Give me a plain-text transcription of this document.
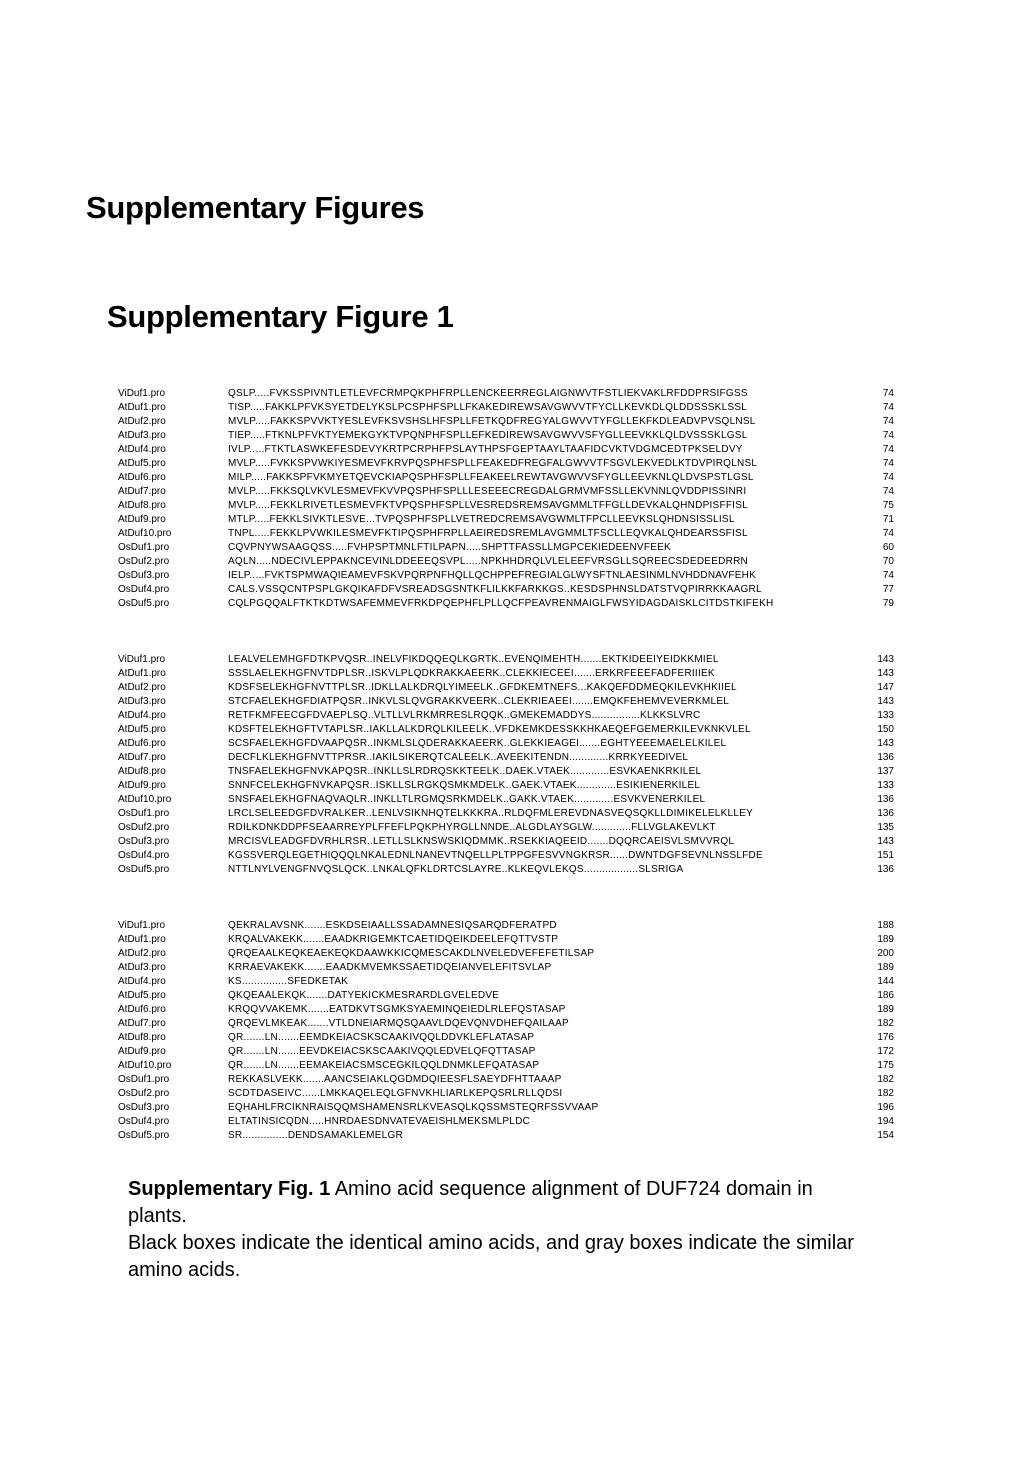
Supplementary Figures
Supplementary Figure 1
ViDuf1.pro	QSLP.....FVKSSPIVNTLETLEVFCRMPQKPHFRPLLENCKEERREGLAIGNWVTFSTLIEKVAKLRFDDPRSIFGSS	74
AtDuf1.pro	TISP.....FAKKLPFVKSYETDELYKSLPCSPHFSPLLFKAKEDIREWSAVGWVVTFYCLLKEVKDLQLDDSSSKLSSL	74
AtDuf2.pro	MVLP.....FAKKSPVVKTYESLEVFKSVSHSLHFSPLLFETKQDFREGYALGWVVTYFGLLEKFKDLEADVPVSQLNSL	74
AtDuf3.pro	TIEP.....FTKNLPFVKTYEMEKGYKTVPQNPHFSPLLEFKEDIREWSAVGWVVSFYGLLEEVKKLQLDVSSSKLGSL	74
AtDuf4.pro	IVLP.....FTKTLASWKEFESDEVYKRTPCRPHFPSLAYTHPSFGEPTAAYLTAAFIDCVKTVDGMCEDTPKSELDVY	74
AtDuf5.pro	MVLP.....FVKKSPVWKIYESMEVFKRVPQSPHFSPLLFEAKEDFREGFALGWVVTFSGVLEKVEDLKTDVPIRQLNSL	74
AtDuf6.pro	MILP.....FAKKSPFVKMYETQEVCKIAPQSPHFSPLLFEAKEELREWTAVGWVVSFYGLLEEVKNLQLDVSPSTLGSL	74
AtDuf7.pro	MVLP.....FKKSQLVKVLESMEVFKVVPQSPHFSPLLLESEEECREGDALGRMVMFSSLLEKVNNLQVDDPISSINRI	74
AtDuf8.pro	MVLP.....FEKKLRIVETLESMEVFKTVPQSPHFSPLLVESREDSREMSAVGMMLTFFGLLDEVKALQHNDPISFFISL	75
AtDuf9.pro	MTLP.....FEKKLSIVKTLESVE...TVPQSPHFSPLLVETREDCREMSAVGWMLTFPCLLEEVKSLQHDNSISSLISL	71
AtDuf10.pro	TNPL.....FEKKLPVWKILESMEVFKTIPQSPHFRPLLAEIREDSREMLAVGMMLTFSCLLEQVKALQHDEARSSFISL	74
OsDuf1.pro	CQVPNYWSAAGQSS.....FVHPSPTMNLFTILPAPN.....SHPTTFASSLLMGPCEKIEDEENVFEEK	60
OsDuf2.pro	AQLN.....NDECIVLEPPAKNCEVINLDDEEEQSVPL.....NPKHHDRQLVLELEEFVRSGLLSQREECSDEDEEDRRN	70
OsDuf3.pro	IELP.....FVKTSPMWAQIEAMEVFSKVPQRPNFHQLLQCHPPEFREGIALGLWYSFTNLAESINMLNVHDDNAVFEHK	74
OsDuf4.pro	CALS.VSSQCNTPSPLGKQIKAFDFVSREADSGSNTKFLILKKFARKKGS..KESDSPHNSLDATSTVQPIRRKKAAGRL	77
OsDuf5.pro	CQLPGQQALFTKTKDTWSAFEMMEVFRKDPQEPHFLPLLQCFPEAVRENMAIGLFWSYIDAGDAISKLCITDSTKIFEKH	79
ViDuf1.pro	LEALVELEMHGFDTKPVQSR..INELVFIKDQQEQLKGRTK..EVENQIMEHTH.......EKTKIDEEIYEIDKKMIEL	143
AtDuf1.pro	SSSLAELEKHGFNVTDPLSR..ISKVLPLQDKRAKKAEERK..CLEKKIECEEI.......ERKRFEEEFADFERIIIEK	143
AtDuf2.pro	KDSFSELEKHGFNVTTPLSR..IDKLLALKDRQLYIMEELK..GFDKEMTNEFS...KAKQEFDDMEQKILEVKHKIIEL	147
AtDuf3.pro	STCFAELEKHGFDIATPQSR..INKVLSLQVGRAKKVEERK..CLEKRIEAEEI.......EMQKFEHEMVEVERKMLEL	143
AtDuf4.pro	RETFKMFEECGFDVAEPLSQ..VLTLLVLRKMRRESLRQQK..GMEKEMADDYS................KLKKSLVRC	133
AtDuf5.pro	KDSFTELEKHGFTVTAPLSR..IAKLLALKDRQLKILEELK..VFDKEMKDESSKKHKAEQEFGEMERKILEVKNKVLEL	150
AtDuf6.pro	SCSFAELEKHGFDVAAPQSR..INKMLSLQDERAKKAEERK..GLEKKIEAGEI.......EGHTYEEEMAELELKILEL	143
AtDuf7.pro	DECFLKLEKHGFNVTTPRSR..IAKILSIKERQTCALEELK..AVEEKITENDN.............KRRKYEEDIVEL	136
AtDuf8.pro	TNSFAELEKHGFNVKAPQSR..INKLLSLRDRQSKKTEELK..DAEK.VTAEK.............ESVKAENKRKILEL	137
AtDuf9.pro	SNNFCELEKHGFNVKAPQSR..ISKLLSLRGKQSMKMDELK..GAEK.VTAEK.............ESIKIENERKILEL	133
AtDuf10.pro	SNSFAELEKHGFNAQVAQLR..INKLLTLRGMQSRKMDELK..GAKK.VTAEK.............ESVKVENERKILEL	136
OsDuf1.pro	LRCLSELEEDGFDVRALKER..LENLVSIKNHQTELKKKRA..RLDQFMLEREVDNASVEQSQKLLDIMIKELELKLLEY	136
OsDuf2.pro	RDILKDNKDDPFSEAARREYPLFFEFLPQKPHYRGLLNNDE..ALGDLAYSGLW.............FLLVGLAKEVLKT	135
OsDuf3.pro	MRCISVLEADGFDVRHLRSR..LETLLSLKNSWSKIQDMMK..RSEKKIAQEEID.......DQQRCAEISVLSMVVRQL	143
OsDuf4.pro	KGSSVERQLEGETHIQQQLNKALEDNLNANEVTNQELLPLTPPGFESVVNGKRSR......DWNTDGFSEVNLNSSLFDE	151
OsDuf5.pro	NTTLNYLVENGFNVQSLQCK..LNKALQFKLDRTCSLAYRE..KLKEQVLEKQS..................SLSRIGA	136
ViDuf1.pro	QEKRALAVSNK.......ESKDSEIAALLSSADAMNESIQSARQDFERATPD	188
AtDuf1.pro	KRQALVAKEKK.......EAADKRIGEMKTCAETIDQEIKDEELEFQTTVSTP	189
AtDuf2.pro	QRQEAALKEQKEAEKEQKDAAWKKICQMESCAKDLNVELEDVEFEFETILSAP	200
AtDuf3.pro	KRRAEVAKEKK.......EAADKMVEMKSSAETIDQEIANVELEFITSVLAP	189
AtDuf4.pro	KS...............SFEDKETAK	144
AtDuf5.pro	QKQEAALEKQK.......DATYEKICKMESRARDLGVELEDVE	186
AtDuf6.pro	KRQQVVAKEMK.......EATDKVTSGMKSYAEMINQEIEDLRLEFQSTASAP	189
AtDuf7.pro	QRQEVLMKEAK.......VTLDNEIARMQSQAAVLDQEVQNVDHEFQAILAAP	182
AtDuf8.pro	QR.......LN.......EEMDKEIACSKSCAAKIVQQLDDVKLEFLATASAP	176
AtDuf9.pro	QR.......LN.......EEVDKEIACSKSCAAKIVQQLEDVELQFQTTASAP	172
AtDuf10.pro	QR.......LN.......EEMAKEIACSMSCEGKILQQLDNMKLEFQATASAP	175
OsDuf1.pro	REKKASLVEKK.......AANCSEIAKLQGDMDQIEESFLSAEYDFHTTAAAP	182
OsDuf2.pro	SCDTDASEIVC......LMKKAQELEQLGFNVKHLIARLKEPQSRLRLLQDSI	182
OsDuf3.pro	EQHAHLFRCIKNRAISQQMSHAMENSRLKVEASQLKQSSMSTEQRFSSVVAAP	196
OsDuf4.pro	ELTATINSICQDN.....HNRDAESDNVATEVAEISHLMEKSMLPLDC	194
OsDuf5.pro	SR...............DENDSAMAKLEMELGR	154

Supplementary Fig. 1 Amino acid sequence alignment of DUF724 domain in plants.

Black boxes indicate the identical amino acids, and gray boxes indicate the similar amino acids.
